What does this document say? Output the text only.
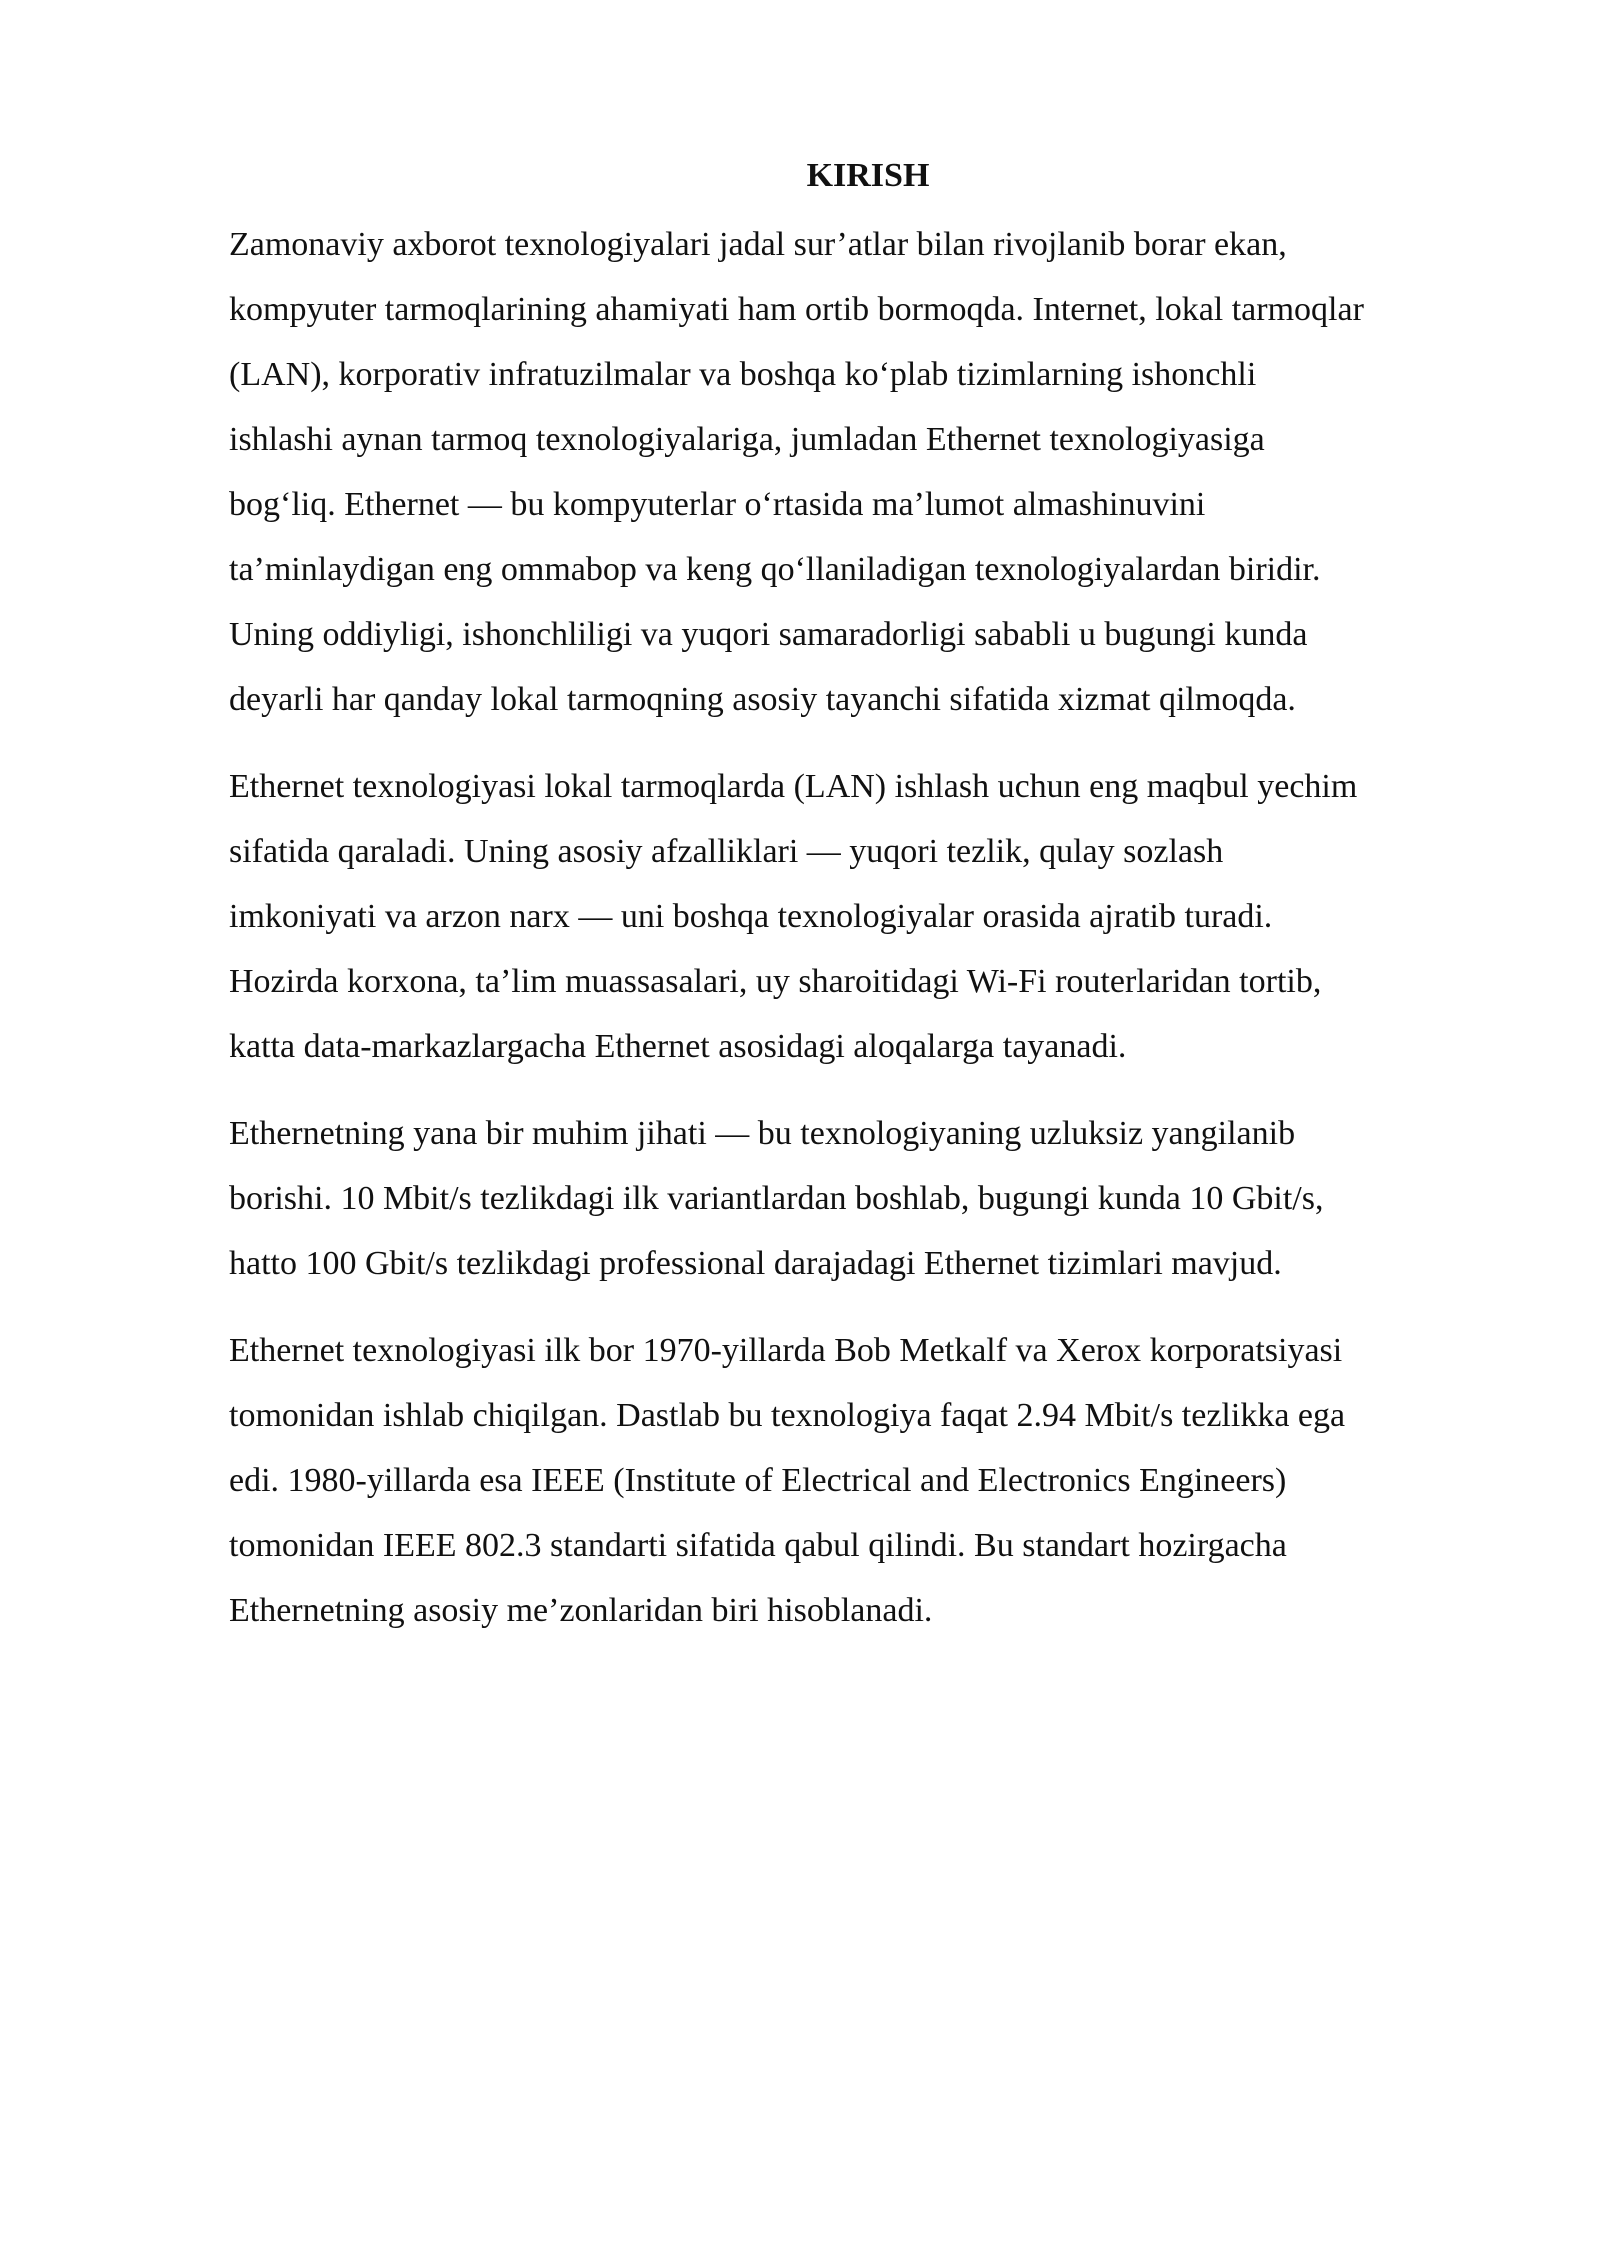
KIRISH

Zamonaviy axborot texnologiyalari jadal sur’atlar bilan rivojlanib borar ekan,
kompyuter tarmoqlarining ahamiyati ham ortib bormoqda. Internet, lokal tarmoqlar
(LAN), korporativ infratuzilmalar va boshqa ko‘plab tizimlarning ishonchli
ishlashi aynan tarmoq texnologiyalariga, jumladan Ethernet texnologiyasiga
bog‘liq. Ethernet — bu kompyuterlar o‘rtasida ma’lumot almashinuvini
ta’minlaydigan eng ommabop va keng qo‘llaniladigan texnologiyalardan biridir.
Uning oddiyligi, ishonchliligi va yuqori samaradorligi sababli u bugungi kunda
deyarli har qanday lokal tarmoqning asosiy tayanchi sifatida xizmat qilmoqda.

Ethernet texnologiyasi lokal tarmoqlarda (LAN) ishlash uchun eng maqbul yechim
sifatida qaraladi. Uning asosiy afzalliklari — yuqori tezlik, qulay sozlash
imkoniyati va arzon narx — uni boshqa texnologiyalar orasida ajratib turadi.
Hozirda korxona, ta’lim muassasalari, uy sharoitidagi Wi-Fi routerlaridan tortib,
katta data-markazlargacha Ethernet asosidagi aloqalarga tayanadi.

Ethernetning yana bir muhim jihati — bu texnologiyaning uzluksiz yangilanib
borishi. 10 Mbit/s tezlikdagi ilk variantlardan boshlab, bugungi kunda 10 Gbit/s,
hatto 100 Gbit/s tezlikdagi professional darajadagi Ethernet tizimlari mavjud.

Ethernet texnologiyasi ilk bor 1970-yillarda Bob Metkalf va Xerox korporatsiyasi
tomonidan ishlab chiqilgan. Dastlab bu texnologiya faqat 2.94 Mbit/s tezlikka ega
edi. 1980-yillarda esa IEEE (Institute of Electrical and Electronics Engineers)
tomonidan IEEE 802.3 standarti sifatida qabul qilindi. Bu standart hozirgacha
Ethernetning asosiy me’zonlaridan biri hisoblanadi.
